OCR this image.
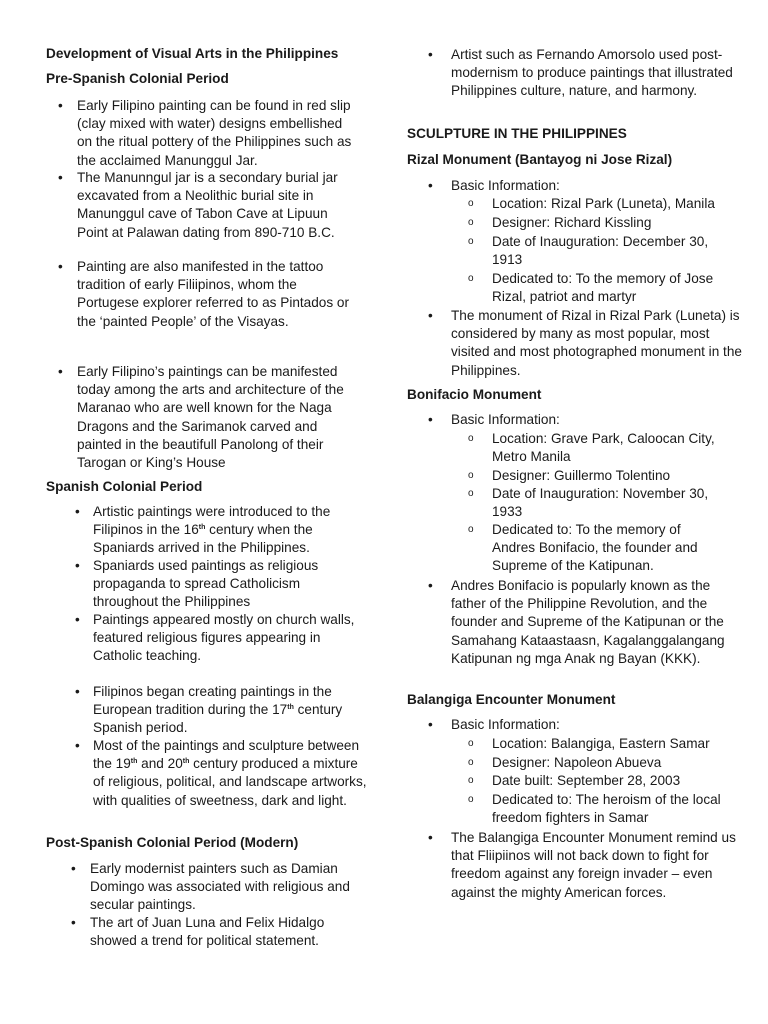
Development of Visual Arts in the Philippines
Pre-Spanish Colonial Period
•	Early Filipino painting can be found in red slip (clay mixed with water) designs embellished on the ritual pottery of the Philippines such as the acclaimed Manunggul Jar.
•	The Manunngul jar is a secondary burial jar excavated from a Neolithic burial site in Manunggul cave of Tabon Cave at Lipuun Point at Palawan dating from 890-710 B.C.
•	Painting are also manifested in the tattoo tradition of early Filiipinos, whom the Portugese explorer referred to as Pintados or the ‘painted People’ of the Visayas.
•	Early Filipino’s paintings can be manifested today among the arts and architecture of the Maranao who are well known for the Naga Dragons and the Sarimanok carved and painted in the beautifull Panolong of their Tarogan or King’s House
Spanish Colonial Period
• Artistic paintings were introduced to the Filipinos in the 16th century when the Spaniards arrived in the Philippines.
• Spaniards used paintings as religious propaganda to spread Catholicism throughout the Philippines
• Paintings appeared mostly on church walls, featured religious figures appearing in Catholic teaching.
• Filipinos began creating paintings in the European tradition during the 17th century Spanish period.
• Most of the paintings and sculpture between the 19th and 20th century produced a mixture of religious, political, and landscape artworks, with qualities of sweetness, dark and light.
Post-Spanish Colonial Period (Modern)
•	Early modernist painters such as Damian Domingo was associated with religious and secular paintings.
•	The art of Juan Luna and Felix Hidalgo showed a trend for political statement.
•	Artist such as Fernando Amorsolo used post-modernism to produce paintings that illustrated Philippines culture, nature, and harmony.
SCULPTURE IN THE PHILIPPINES
Rizal Monument (Bantayog ni Jose Rizal)
•	Basic Information:
o	Location: Rizal Park (Luneta), Manila
o	Designer: Richard Kissling
o	Date of Inauguration: December 30, 1913
o	Dedicated to: To the memory of Jose Rizal, patriot and martyr
•	The monument of Rizal in Rizal Park (Luneta) is considered by many as most popular, most visited and most photographed monument in the Philippines.
Bonifacio Monument
•	Basic Information:
o	Location: Grave Park, Caloocan City, Metro Manila
o	Designer: Guillermo Tolentino
o	Date of Inauguration: November 30, 1933
o	Dedicated to: To the memory of Andres Bonifacio, the founder and Supreme of the Katipunan.
•	Andres Bonifacio is popularly known as the father of the Philippine Revolution, and the founder and Supreme of the Katipunan or the Samahang Kataastaasn, Kagalanggalangang Katipunan ng mga Anak ng Bayan (KKK).
Balangiga Encounter Monument
•	Basic Information:
o	Location: Balangiga, Eastern Samar
o	Designer: Napoleon Abueva
o	Date built: September 28, 2003
o	Dedicated to: The heroism of the local freedom fighters in Samar
•	The Balangiga Encounter Monument remind us that Fliipiinos will not back down to fight for freedom against any foreign invader – even against the mighty American forces.
